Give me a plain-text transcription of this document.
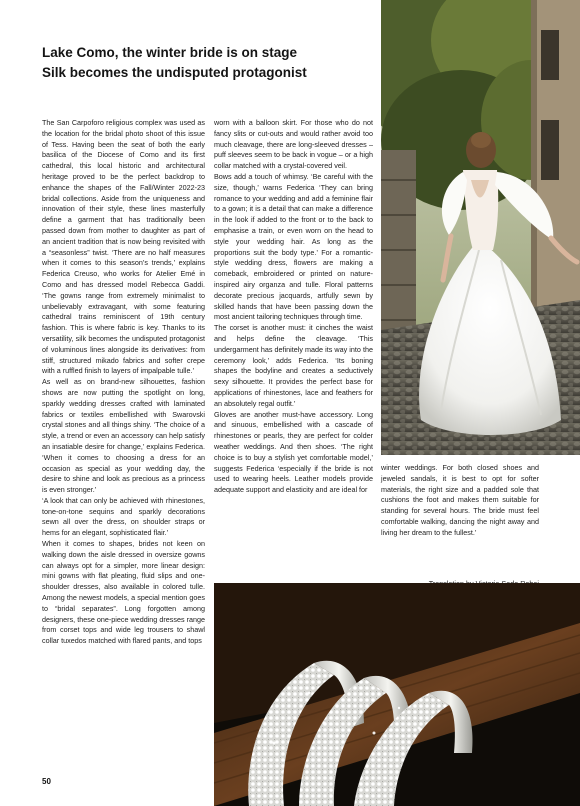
Lake Como, the winter bride is on stage
Silk becomes the undisputed protagonist

The San Carpoforo religious complex was used as the location for the bridal photo shoot of this issue of Tess. Having been the seat of both the early basilica of the Diocese of Como and its first cathedral, this local historic and architectural heritage proved to be the perfect backdrop to enhance the shapes of the Fall/Winter 2022-23 bridal collections. Aside from the uniqueness and innovation of their style, these lines masterfully define a garment that has traditionally been passed down from mother to daughter as part of an ancient tradition that is now being revisited with a “seasonless” twist. ‘There are no half measures when it comes to this season’s trends,’ explains Federica Creuso, who works for Atelier Emé in Como and has dressed model Rebecca Gaddi. ‘The gowns range from extremely minimalist to unbelievably extravagant, with some featuring cathedral trains reminiscent of 19th century fashion. This is where fabric is key. Thanks to its versatility, silk becomes the undisputed protagonist of voluminous lines alongside its derivatives: from stiff, structured mikado fabrics and softer crepe with a ruffled finish to layers of impalpable tulle.’

As well as on brand-new silhouettes, fashion shows are now putting the spotlight on long, sparkly wedding dresses crafted with laminated fabrics or textiles embellished with Swarovski crystal stones and all things shiny. ‘The choice of a style, a trend or even an accessory can help satisfy an insatiable desire for change,’ explains Federica. ‘When it comes to choosing a dress for an occasion as special as your wedding day, the desire to shine and look as precious as a princess is even stronger.’

‘A look that can only be achieved with rhinestones, tone-on-tone sequins and sparkly decorations sewn all over the dress, on shoulder straps or hems for an elegant, sophisticated flair.’

When it comes to shapes, brides not keen on walking down the aisle dressed in oversize gowns can always opt for a simpler, more linear design: mini gowns with flat pleating, fluid slips and one-shoulder dresses, also available in colored tulle. Among the newest models, a special mention goes to “bridal separates”. Long forgotten among designers, these one-piece wedding dresses range from corset tops and wide leg trousers to shawl collar tuxedos matched with flared pants, and tops

worn with a balloon skirt. For those who do not fancy slits or cut-outs and would rather avoid too much cleavage, there are long-sleeved dresses – puff sleeves seem to be back in vogue – or a high collar matched with a crystal-covered veil.

Bows add a touch of whimsy. ‘Be careful with the size, though,’ warns Federica ‘They can bring romance to your wedding and add a feminine flair to a gown; it is a detail that can make a difference in the look if added to the front or to the back to emphasise a train, or even worn on the head to style your wedding hair. As long as the proportions suit the body type.’ For a romantic-style wedding dress, flowers are making a comeback, embroidered or printed on nature-inspired airy organza and tulle. Floral patterns decorate precious jacquards, artfully sewn by skilled hands that have been passing down the most ancient tailoring techniques through time.

The corset is another must: it cinches the waist and helps define the cleavage. ‘This undergarment has definitely made its way into the ceremony look,’ adds Federica. ‘Its boning shapes the bodyline and creates a seductively sexy silhouette. It provides the perfect base for applications of rhinestones, lace and feathers for an absolutely regal outfit.’

Gloves are another must-have accessory. Long and sinuous, embellished with a cascade of rhinestones or pearls, they are perfect for colder weather weddings. And then shoes. ‘The right choice is to buy a stylish yet comfortable model,’ suggests Federica ‘especially if the bride is not used to wearing heels. Leather models provide adequate support and elasticity and are ideal for

winter weddings. For both closed shoes and jeweled sandals, it is best to opt for softer materials, the right size and a padded sole that cushions the foot and makes them suitable for standing for several hours. The bride must feel comfortable walking, dancing the night away and living her dream to the fullest.’

50
